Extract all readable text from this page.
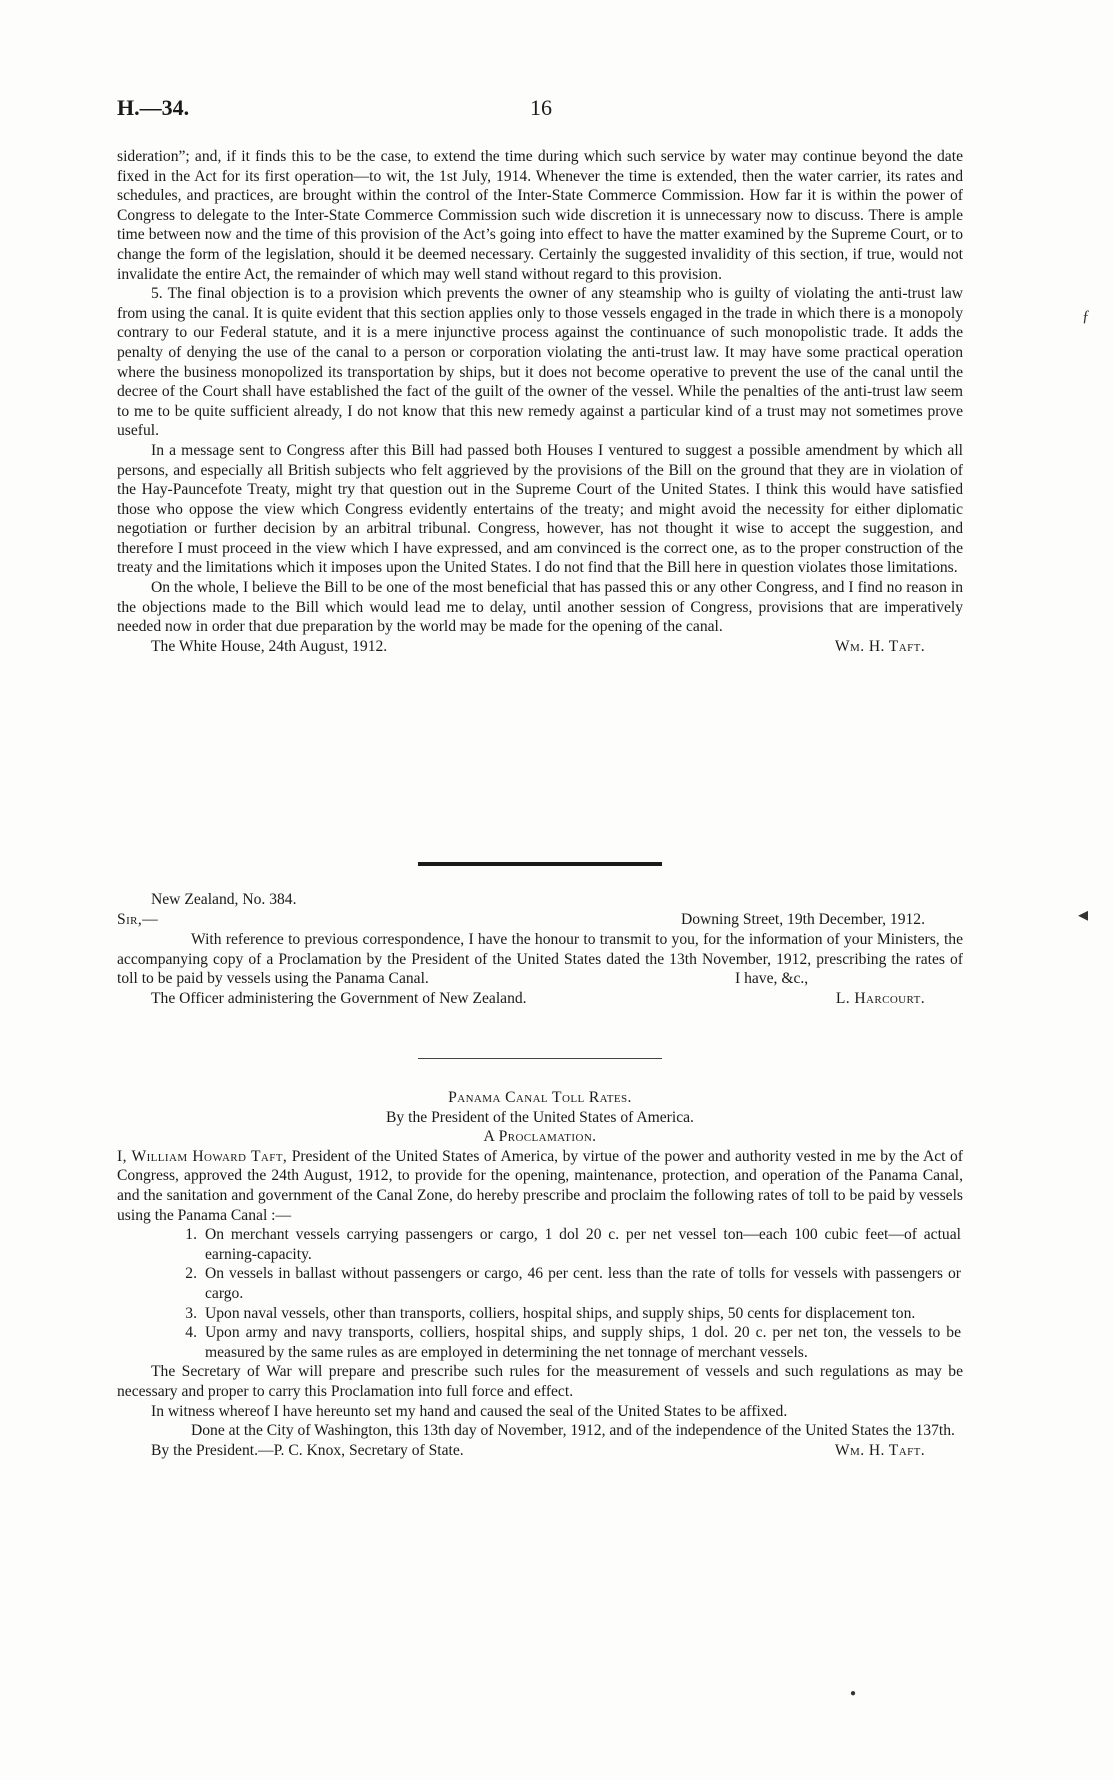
H.—34.	16

sideration”; and, if it finds this to be the case, to extend the time during which such service by water may continue beyond the date fixed in the Act for its first operation—to wit, the 1st July, 1914. Whenever the time is extended, then the water carrier, its rates and schedules, and practices, are brought within the control of the Inter-State Commerce Commission. How far it is within the power of Congress to delegate to the Inter-State Commerce Commission such wide discretion it is unnecessary now to discuss. There is ample time between now and the time of this provision of the Act’s going into effect to have the matter examined by the Supreme Court, or to change the form of the legislation, should it be deemed necessary. Certainly the suggested invalidity of this section, if true, would not invalidate the entire Act, the remainder of which may well stand without regard to this provision.

5. The final objection is to a provision which prevents the owner of any steamship who is guilty of violating the anti-trust law from using the canal. It is quite evident that this section applies only to those vessels engaged in the trade in which there is a monopoly contrary to our Federal statute, and it is a mere injunctive process against the continuance of such monopolistic trade. It adds the penalty of denying the use of the canal to a person or corporation violating the anti-trust law. It may have some practical operation where the business monopolized its transportation by ships, but it does not become operative to prevent the use of the canal until the decree of the Court shall have established the fact of the guilt of the owner of the vessel. While the penalties of the anti-trust law seem to me to be quite sufficient already, I do not know that this new remedy against a particular kind of a trust may not sometimes prove useful.

In a message sent to Congress after this Bill had passed both Houses I ventured to suggest a possible amendment by which all persons, and especially all British subjects who felt aggrieved by the provisions of the Bill on the ground that they are in violation of the Hay-Pauncefote Treaty, might try that question out in the Supreme Court of the United States. I think this would have satisfied those who oppose the view which Congress evidently entertains of the treaty; and might avoid the necessity for either diplomatic negotiation or further decision by an arbitral tribunal. Congress, however, has not thought it wise to accept the suggestion, and therefore I must proceed in the view which I have expressed, and am convinced is the correct one, as to the proper construction of the treaty and the limitations which it imposes upon the United States. I do not find that the Bill here in question violates those limitations.

On the whole, I believe the Bill to be one of the most beneficial that has passed this or any other Congress, and I find no reason in the objections made to the Bill which would lead me to delay, until another session of Congress, provisions that are imperatively needed now in order that due preparation by the world may be made for the opening of the canal.

The White House, 24th August, 1912.	Wm. H. Taft.
New Zealand, No. 384.
Sir,—	Downing Street, 19th December, 1912.

With reference to previous correspondence, I have the honour to transmit to you, for the information of your Ministers, the accompanying copy of a Proclamation by the President of the United States dated the 13th November, 1912, prescribing the rates of toll to be paid by vessels using the Panama Canal.	I have, &c.,
The Officer administering the Government of New Zealand.	L. Harcourt.
Panama Canal Toll Rates.
By the President of the United States of America.
A Proclamation.

I, William Howard Taft, President of the United States of America, by virtue of the power and authority vested in me by the Act of Congress, approved the 24th August, 1912, to provide for the opening, maintenance, protection, and operation of the Panama Canal, and the sanitation and government of the Canal Zone, do hereby prescribe and proclaim the following rates of toll to be paid by vessels using the Panama Canal :—

1. On merchant vessels carrying passengers or cargo, 1 dol 20 c. per net vessel ton—each 100 cubic feet—of actual earning-capacity.
2. On vessels in ballast without passengers or cargo, 46 per cent. less than the rate of tolls for vessels with passengers or cargo.
3. Upon naval vessels, other than transports, colliers, hospital ships, and supply ships, 50 cents for displacement ton.
4. Upon army and navy transports, colliers, hospital ships, and supply ships, 1 dol. 20 c. per net ton, the vessels to be measured by the same rules as are employed in determining the net tonnage of merchant vessels.

The Secretary of War will prepare and prescribe such rules for the measurement of vessels and such regulations as may be necessary and proper to carry this Proclamation into full force and effect.

In witness whereof I have hereunto set my hand and caused the seal of the United States to be affixed.

Done at the City of Washington, this 13th day of November, 1912, and of the independence of the United States the 137th.

By the President.—P. C. Knox, Secretary of State.	Wm. H. Taft.
ƒ
◂
●
